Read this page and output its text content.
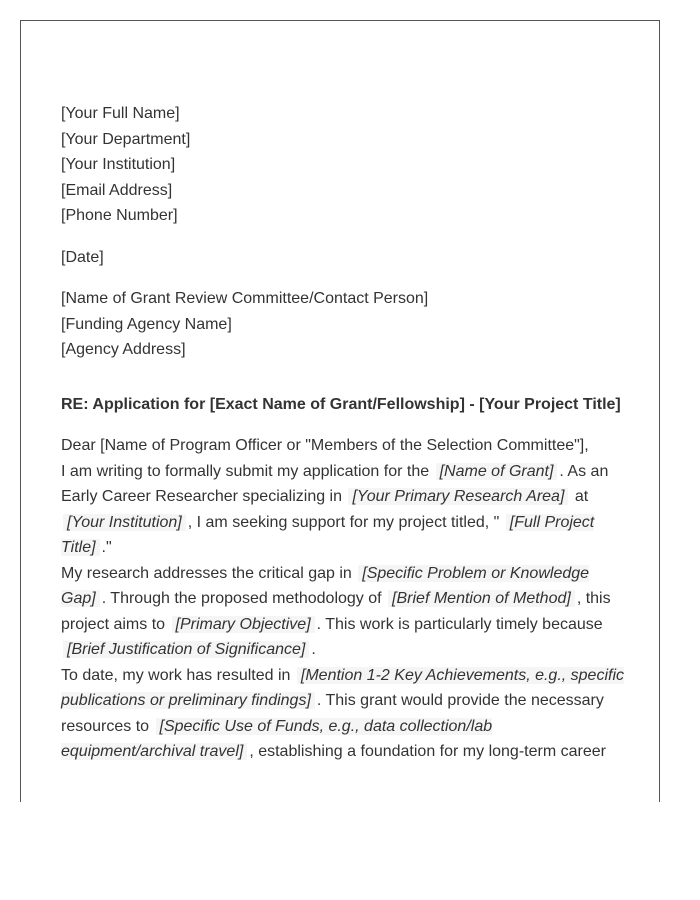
[Your Full Name]
[Your Department]
[Your Institution]
[Email Address]
[Phone Number]
[Date]
[Name of Grant Review Committee/Contact Person]
[Funding Agency Name]
[Agency Address]
RE: Application for [Exact Name of Grant/Fellowship] - [Your Project Title]
Dear [Name of Program Officer or "Members of the Selection Committee"],

I am writing to formally submit my application for the [Name of Grant] . As an Early Career Researcher specializing in [Your Primary Research Area] at [Your Institution] , I am seeking support for my project titled, " [Full Project Title] ."

My research addresses the critical gap in [Specific Problem or Knowledge Gap] . Through the proposed methodology of [Brief Mention of Method] , this project aims to [Primary Objective] . This work is particularly timely because [Brief Justification of Significance] .

To date, my work has resulted in [Mention 1-2 Key Achievements, e.g., specific publications or preliminary findings] . This grant would provide the necessary resources to [Specific Use of Funds, e.g., data collection/lab equipment/archival travel] , establishing a foundation for my long-term career
